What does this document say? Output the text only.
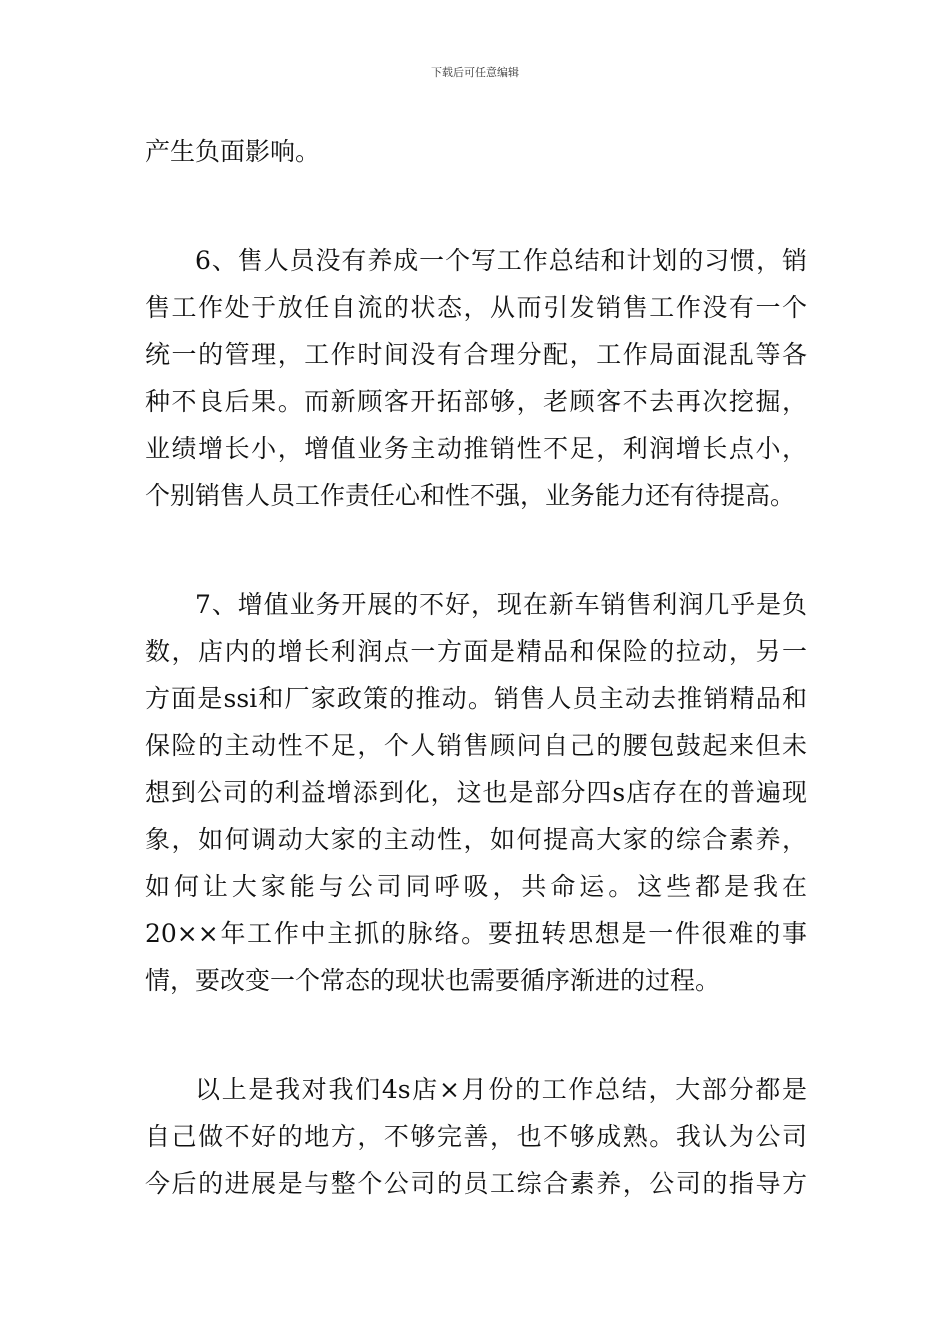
下载后可任意编辑
产生负面影响。
6、售人员没有养成一个写工作总结和计划的习惯，销
售工作处于放任自流的状态，从而引发销售工作没有一个
统一的管理，工作时间没有合理分配，工作局面混乱等各
种不良后果。而新顾客开拓部够，老顾客不去再次挖掘，
业绩增长小，增值业务主动推销性不足，利润增长点小，
个别销售人员工作责任心和性不强，业务能力还有待提高。
7、增值业务开展的不好，现在新车销售利润几乎是负
数，店内的增长利润点一方面是精品和保险的拉动，另一
方面是ssi和厂家政策的推动。销售人员主动去推销精品和
保险的主动性不足，个人销售顾问自己的腰包鼓起来但未
想到公司的利益增添到化，这也是部分四s店存在的普遍现
象，如何调动大家的主动性，如何提高大家的综合素养，
如何让大家能与公司同呼吸，共命运。这些都是我在
20××年工作中主抓的脉络。要扭转思想是一件很难的事
情，要改变一个常态的现状也需要循序渐进的过程。
以上是我对我们4s店×月份的工作总结，大部分都是
自己做不好的地方，不够完善，也不够成熟。我认为公司
今后的进展是与整个公司的员工综合素养，公司的指导方
